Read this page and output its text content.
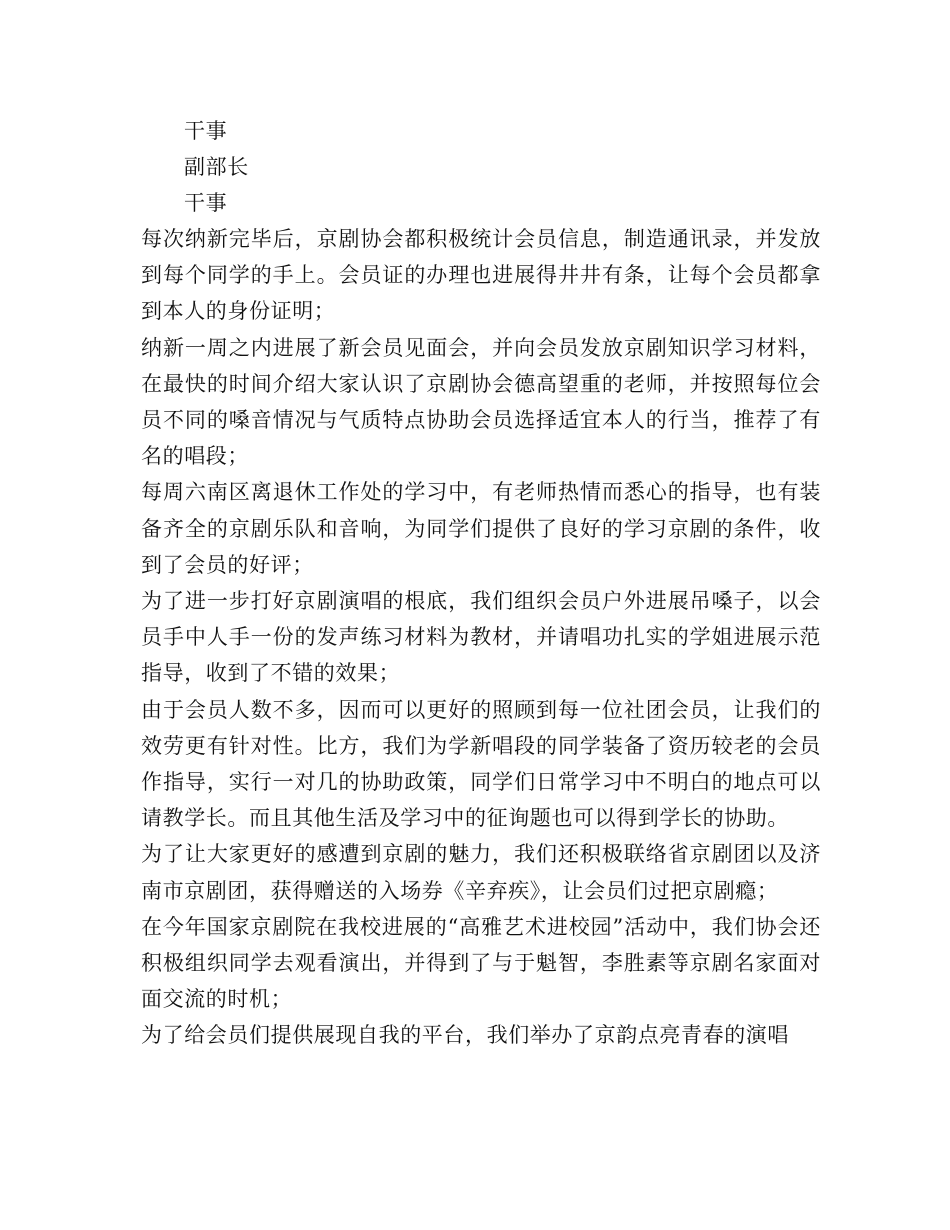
干事
副部长
干事

每次纳新完毕后，京剧协会都积极统计会员信息，制造通讯录，并发放到每个同学的手上。会员证的办理也进展得井井有条，让每个会员都拿到本人的身份证明；

纳新一周之内进展了新会员见面会，并向会员发放京剧知识学习材料，在最快的时间介绍大家认识了京剧协会德高望重的老师，并按照每位会员不同的嗓音情况与气质特点协助会员选择适宜本人的行当，推荐了有名的唱段；

每周六南区离退休工作处的学习中，有老师热情而悉心的指导，也有装备齐全的京剧乐队和音响，为同学们提供了良好的学习京剧的条件，收到了会员的好评；

为了进一步打好京剧演唱的根底，我们组织会员户外进展吊嗓子，以会员手中人手一份的发声练习材料为教材，并请唱功扎实的学姐进展示范指导，收到了不错的效果；

由于会员人数不多，因而可以更好的照顾到每一位社团会员，让我们的效劳更有针对性。比方，我们为学新唱段的同学装备了资历较老的会员作指导，实行一对几的协助政策，同学们日常学习中不明白的地点可以请教学长。而且其他生活及学习中的征询题也可以得到学长的协助。

为了让大家更好的感遭到京剧的魅力，我们还积极联络省京剧团以及济南市京剧团，获得赠送的入场券《辛弃疾》，让会员们过把京剧瘾；

在今年国家京剧院在我校进展的“高雅艺术进校园”活动中，我们协会还积极组织同学去观看演出，并得到了与于魁智，李胜素等京剧名家面对面交流的时机；

为了给会员们提供展现自我的平台，我们举办了京韵点亮青春的演唱
